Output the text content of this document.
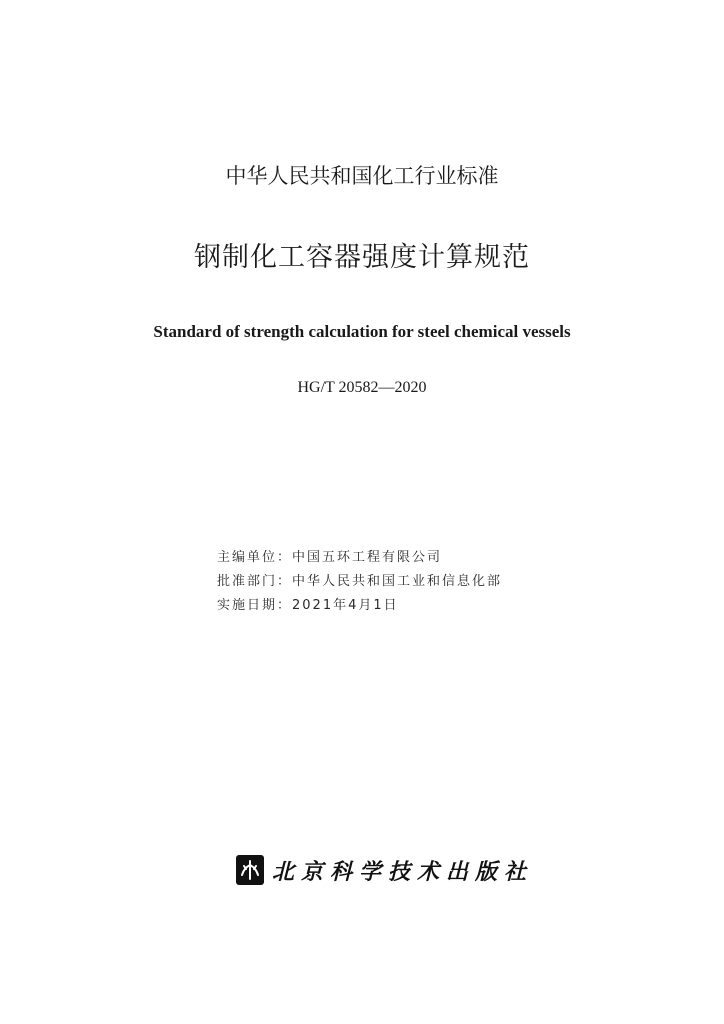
中华人民共和国化工行业标准
钢制化工容器强度计算规范
Standard of strength calculation for steel chemical vessels
HG/T 20582—2020
主编单位：中国五环工程有限公司
批准部门：中华人民共和国工业和信息化部
实施日期：2021年4月1日
北京科学技术出版社
